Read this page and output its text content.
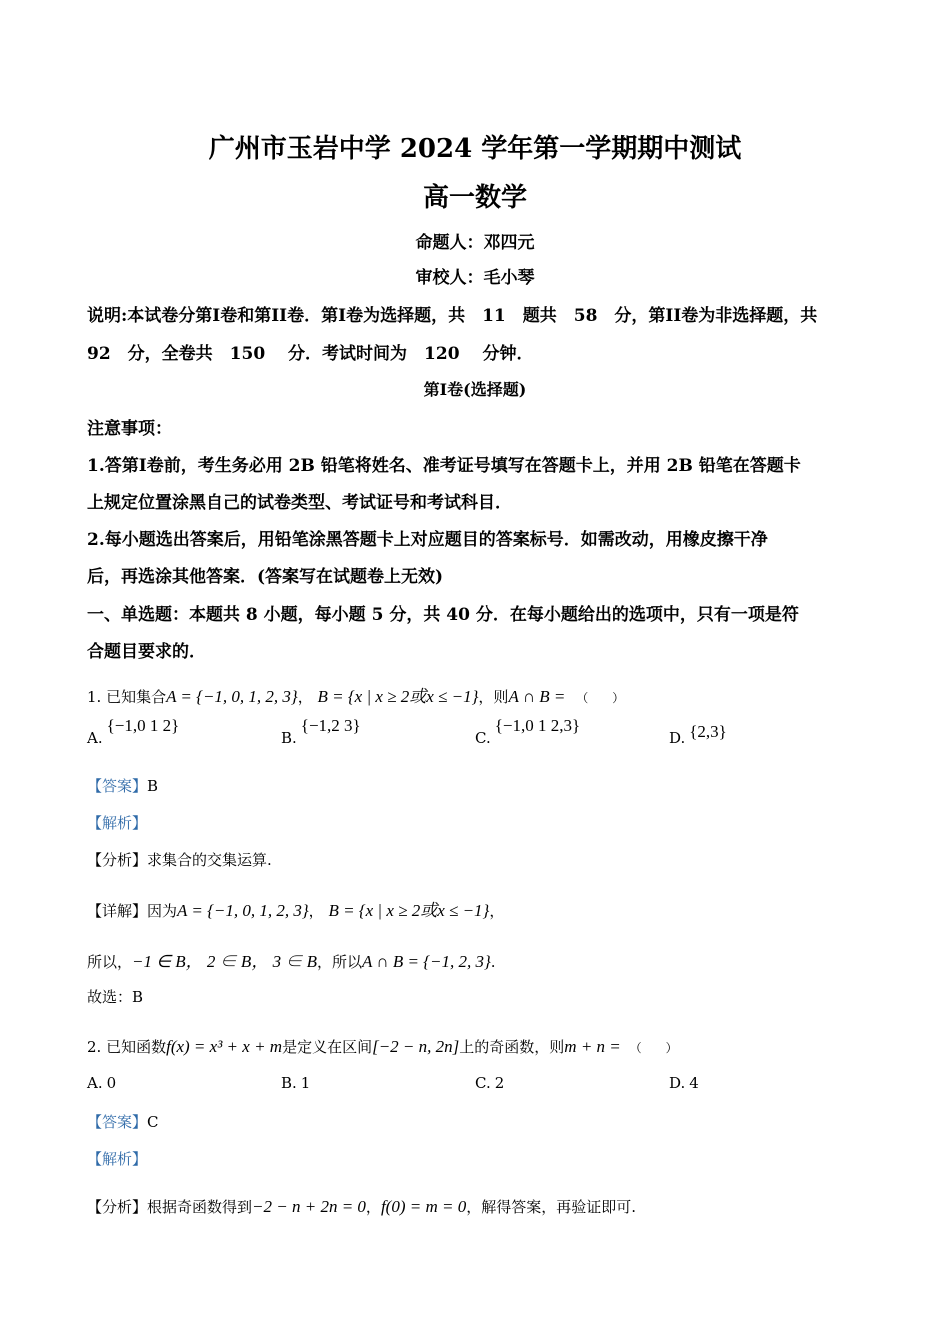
广州市玉岩中学 2024 学年第一学期期中测试
高一数学
命题人：邓四元
审校人：毛小琴
说明:本试卷分第I卷和第II卷．第I卷为选择题，共　11　题共　58　分，第II卷为非选择题，共
92　分，全卷共　150　 分．考试时间为　120　 分钟．
第I卷(选择题)
注意事项：
1.答第I卷前，考生务必用 2B 铅笔将姓名、准考证号填写在答题卡上，并用 2B 铅笔在答题卡
上规定位置涂黑自己的试卷类型、考试证号和考试科目．
2.每小题选出答案后，用铅笔涂黑答题卡上对应题目的答案标号．如需改动，用橡皮擦干净
后，再选涂其他答案．(答案写在试题卷上无效)
一、单选题：本题共 8 小题，每小题 5 分，共 40 分．在每小题给出的选项中，只有一项是符
合题目要求的．
1. 已知集合A = {−1, 0, 1, 2, 3}， B = {x | x ≥ 2或x ≤ −1}，则A ∩ B = （　　）
A.{−1,0 1 2}
B.{−1,2 3}
C.{−1,0 1 2,3}
D. {2,3}
【答案】B
【解析】
【分析】求集合的交集运算.
【详解】因为A = {−1, 0, 1, 2, 3}， B = {x | x ≥ 2或x ≤ −1}，
所以，−1 ∈ B， 2 ∈ B， 3 ∈ B，所以A ∩ B = {−1, 2, 3}.
故选：B
2. 已知函数f(x) = x³ + x + m是定义在区间[−2 − n, 2n]上的奇函数，则m + n = （　　）
A. 0	B. 1	C. 2	D. 4
【答案】C
【解析】
【分析】根据奇函数得到−2 − n + 2n = 0，f(0) = m = 0，解得答案，再验证即可.
